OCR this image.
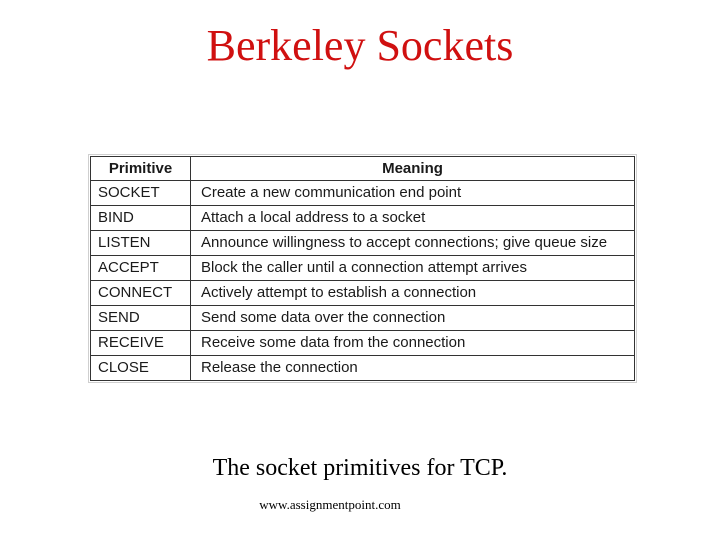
Berkeley Sockets
Primitive	Meaning
SOCKET	Create a new communication end point
BIND	Attach a local address to a socket
LISTEN	Announce willingness to accept connections; give queue size
ACCEPT	Block the caller until a connection attempt arrives
CONNECT	Actively attempt to establish a connection
SEND	Send some data over the connection
RECEIVE	Receive some data from the connection
CLOSE	Release the connection
The socket primitives for TCP.
www.assignmentpoint.com
